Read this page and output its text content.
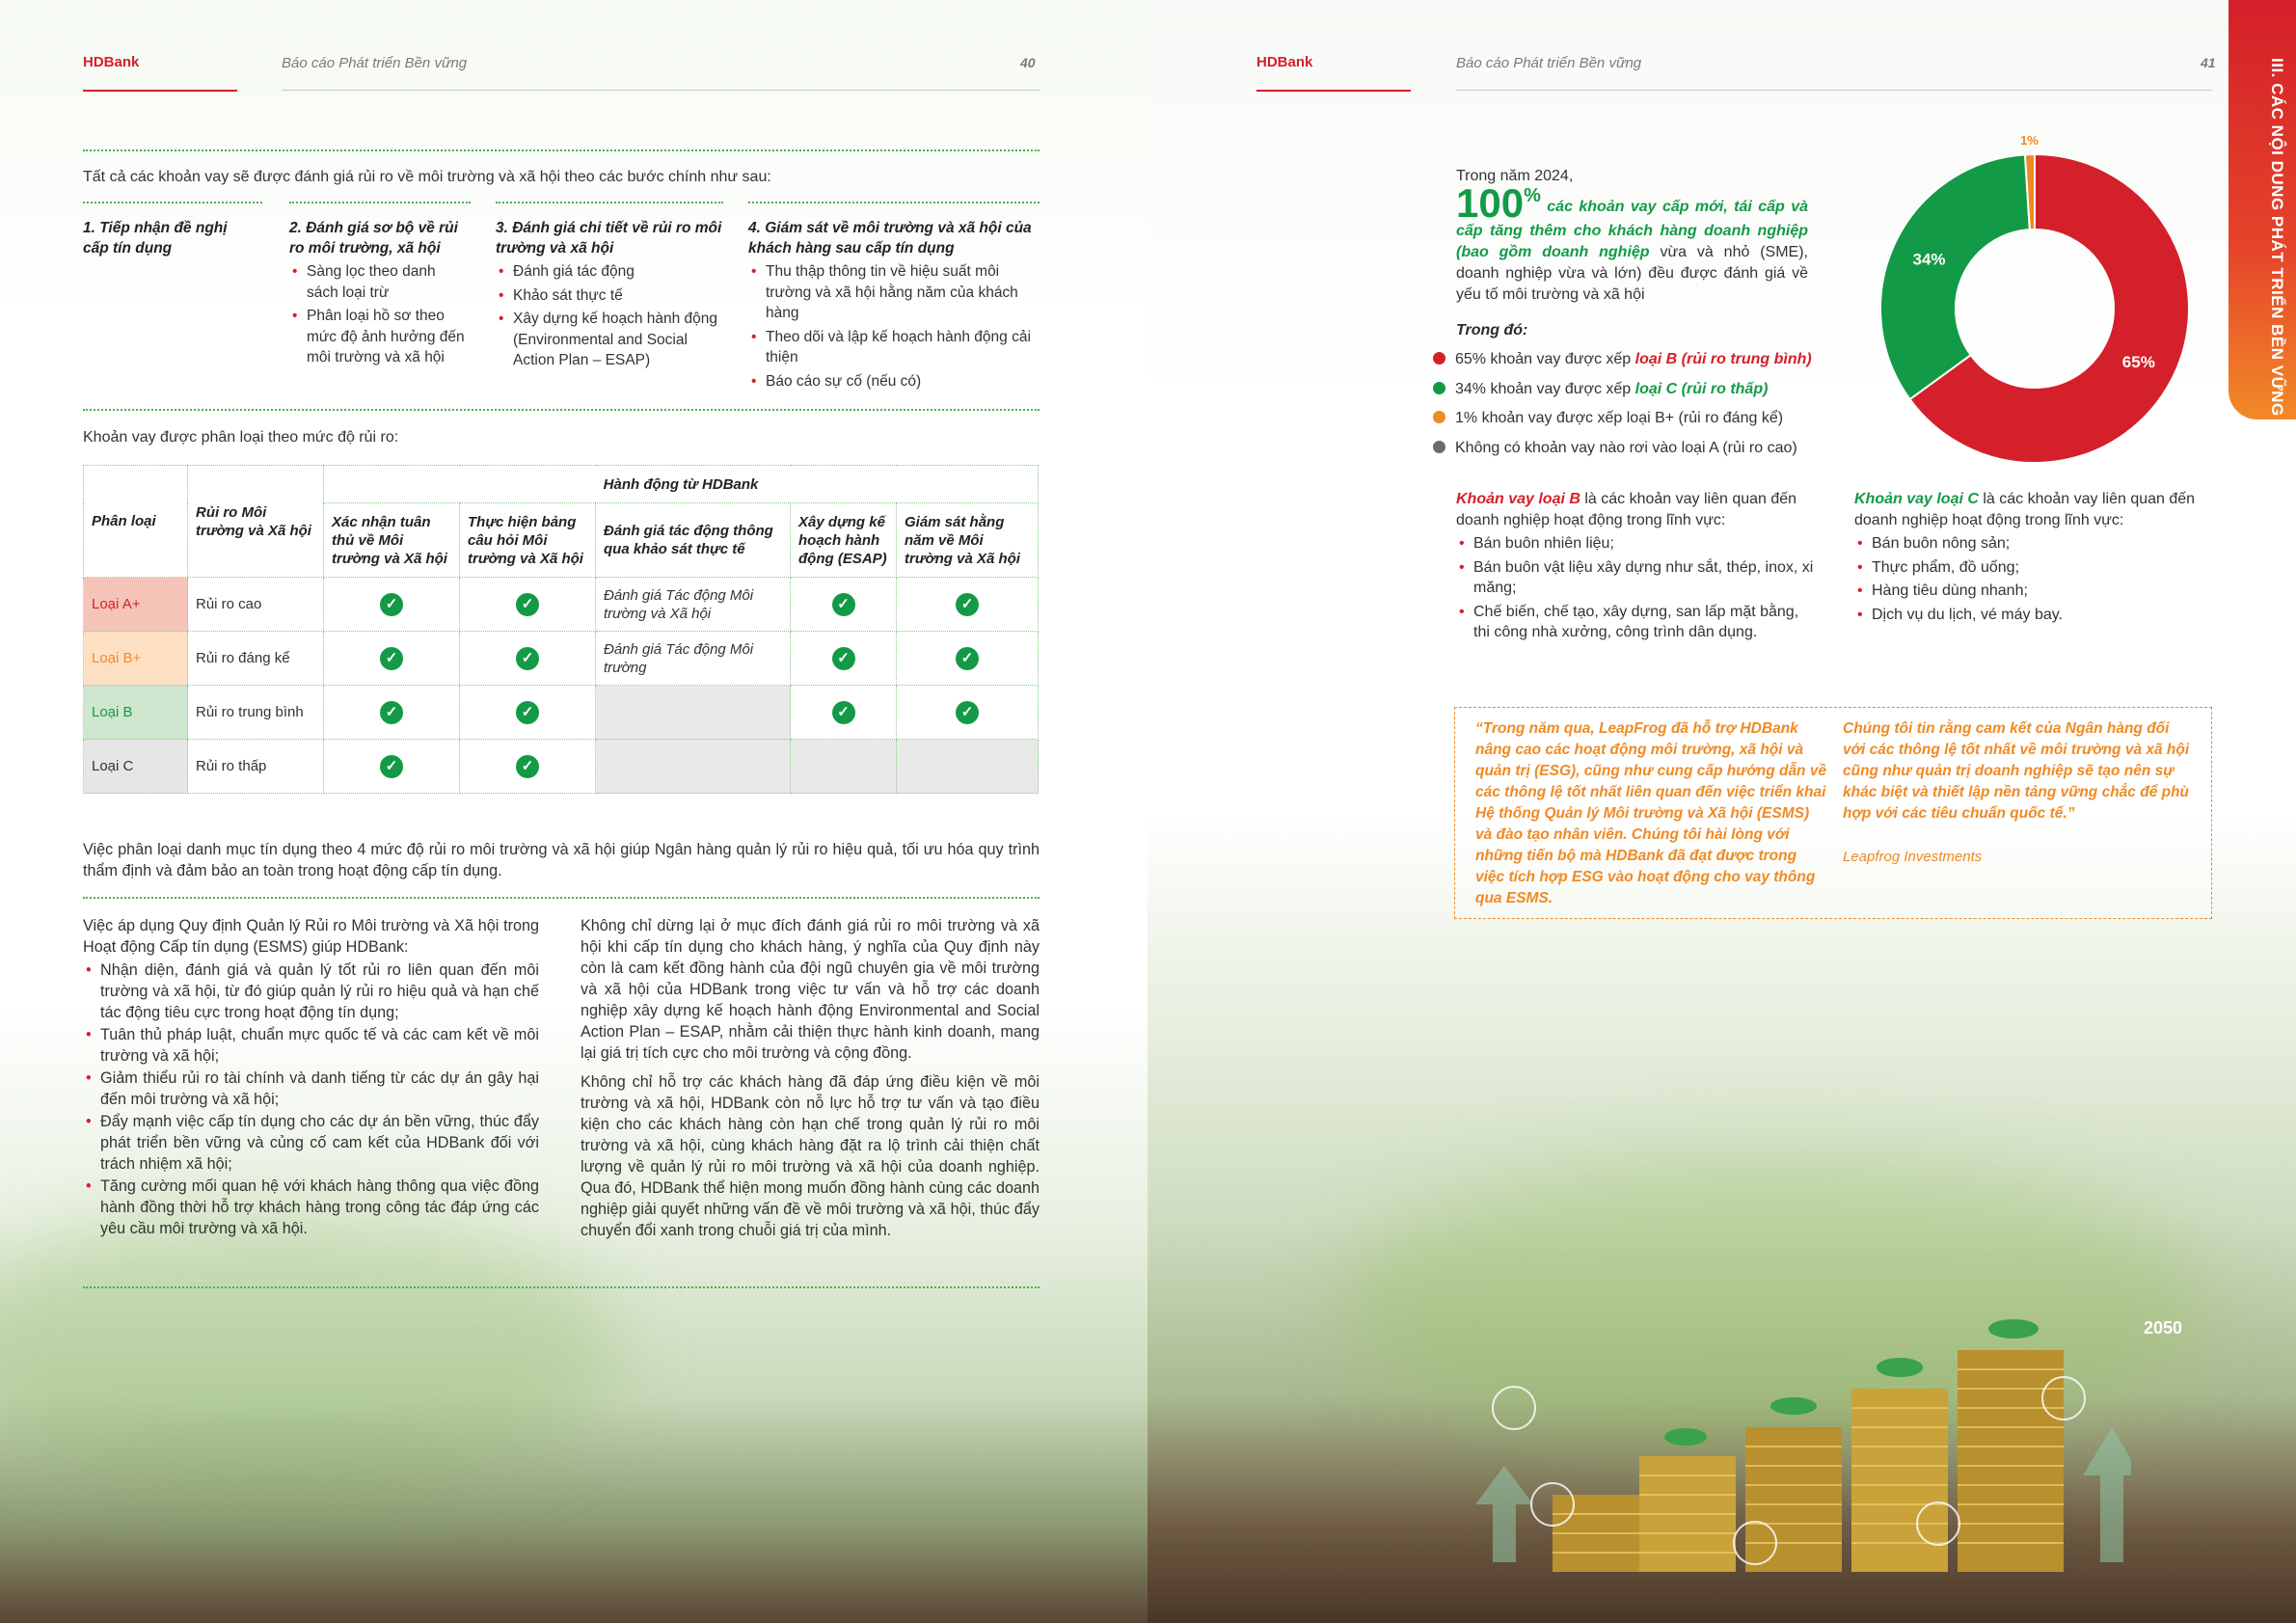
HDBank	Báo cáo Phát triển Bền vững	40
Tất cả các khoản vay sẽ được đánh giá rủi ro về môi trường và xã hội theo các bước chính như sau:
1. Tiếp nhận đề nghị cấp tín dụng
2. Đánh giá sơ bộ về rủi ro môi trường, xã hội
• Sàng lọc theo danh sách loại trừ
• Phân loại hồ sơ theo mức độ ảnh hưởng đến môi trường và xã hội
3. Đánh giá chi tiết về rủi ro môi trường và xã hội
• Đánh giá tác động
• Khảo sát thực tế
• Xây dựng kế hoạch hành động (Environmental and Social Action Plan – ESAP)
4. Giám sát về môi trường và xã hội của khách hàng sau cấp tín dụng
• Thu thập thông tin về hiệu suất môi trường và xã hội hằng năm của khách hàng
• Theo dõi và lập kế hoạch hành động cải thiện
• Báo cáo sự cố (nếu có)
Khoản vay được phân loại theo mức độ rủi ro:
Phân loại	Rủi ro Môi trường và Xã hội	Hành động từ HDBank				
		Xác nhận tuân thủ về Môi trường và Xã hội	Thực hiện bảng câu hỏi Môi trường và Xã hội	Đánh giá tác động thông qua khảo sát thực tế	Xây dựng kế hoạch hành động (ESAP)	Giám sát hằng năm về Môi trường và Xã hội
Loại A+	Rủi ro cao	✓	✓	Đánh giá Tác động Môi trường và Xã hội	✓	✓
Loại B+	Rủi ro đáng kể	✓	✓	Đánh giá Tác động Môi trường	✓	✓
Loại B	Rủi ro trung bình	✓	✓		✓	✓
Loại C	Rủi ro thấp	✓	✓			
Việc phân loại danh mục tín dụng theo 4 mức độ rủi ro môi trường và xã hội giúp Ngân hàng quản lý rủi ro hiệu quả, tối ưu hóa quy trình thẩm định và đảm bảo an toàn trong hoạt động cấp tín dụng.
Việc áp dụng Quy định Quản lý Rủi ro Môi trường và Xã hội trong Hoạt động Cấp tín dụng (ESMS) giúp HDBank:
• Nhận diện, đánh giá và quản lý tốt rủi ro liên quan đến môi trường và xã hội, từ đó giúp quản lý rủi ro hiệu quả và hạn chế tác động tiêu cực trong hoạt động tín dụng;
• Tuân thủ pháp luật, chuẩn mực quốc tế và các cam kết về môi trường và xã hội;
• Giảm thiểu rủi ro tài chính và danh tiếng từ các dự án gây hại đến môi trường và xã hội;
• Đẩy mạnh việc cấp tín dụng cho các dự án bền vững, thúc đẩy phát triển bền vững và củng cố cam kết của HDBank đối với trách nhiệm xã hội;
• Tăng cường mối quan hệ với khách hàng thông qua việc đồng hành đồng thời hỗ trợ khách hàng trong công tác đáp ứng các yêu cầu môi trường và xã hội.
Không chỉ dừng lại ở mục đích đánh giá rủi ro môi trường và xã hội khi cấp tín dụng cho khách hàng, ý nghĩa của Quy định này còn là cam kết đồng hành của đội ngũ chuyên gia về môi trường và xã hội của HDBank trong việc tư vấn và hỗ trợ các doanh nghiệp xây dựng kế hoạch hành động Environmental and Social Action Plan – ESAP, nhằm cải thiện thực hành kinh doanh, mang lại giá trị tích cực cho môi trường và cộng đồng.
Không chỉ hỗ trợ các khách hàng đã đáp ứng điều kiện về môi trường và xã hội, HDBank còn nỗ lực hỗ trợ tư vấn và tạo điều kiện cho các khách hàng còn hạn chế trong quản lý rủi ro môi trường và xã hội, cùng khách hàng đặt ra lộ trình cải thiện chất lượng về quản lý rủi ro môi trường và xã hội của doanh nghiệp. Qua đó, HDBank thể hiện mong muốn đồng hành cùng các doanh nghiệp giải quyết những vấn đề về môi trường và xã hội, thúc đẩy chuyển đổi xanh trong chuỗi giá trị của mình.
HDBank	Báo cáo Phát triển Bền vững	41	III. CÁC NỘI DUNG PHÁT TRIỂN BỀN VỮNG
Trong năm 2024,
100% các khoản vay cấp mới, tái cấp và cấp tăng thêm cho khách hàng doanh nghiệp (bao gồm doanh nghiệp vừa và nhỏ (SME), doanh nghiệp vừa và lớn) đều được đánh giá về yếu tố môi trường và xã hội
Trong đó:
65% khoản vay được xếp loại B (rủi ro trung bình)
34% khoản vay được xếp loại C (rủi ro thấp)
1% khoản vay được xếp loại B+ (rủi ro đáng kể)
Không có khoản vay nào rơi vào loại A (rủi ro cao)
65%
34%
1%
Khoản vay loại B là các khoản vay liên quan đến doanh nghiệp hoạt động trong lĩnh vực:
• Bán buôn nhiên liệu;
• Bán buôn vật liệu xây dựng như sắt, thép, inox, xi măng;
• Chế biến, chế tạo, xây dựng, san lấp mặt bằng, thi công nhà xưởng, công trình dân dụng.
Khoản vay loại C là các khoản vay liên quan đến doanh nghiệp hoạt động trong lĩnh vực:
• Bán buôn nông sản;
• Thực phẩm, đồ uống;
• Hàng tiêu dùng nhanh;
• Dịch vụ du lịch, vé máy bay.
“Trong năm qua, LeapFrog đã hỗ trợ HDBank nâng cao các hoạt động môi trường, xã hội và quản trị (ESG), cũng như cung cấp hướng dẫn về các thông lệ tốt nhất liên quan đến việc triển khai Hệ thống Quản lý Môi trường và Xã hội (ESMS) và đào tạo nhân viên. Chúng tôi hài lòng với những tiến bộ mà HDBank đã đạt được trong việc tích hợp ESG vào hoạt động cho vay thông qua ESMS.
Chúng tôi tin rằng cam kết của Ngân hàng đối với các thông lệ tốt nhất về môi trường và xã hội cũng như quản trị doanh nghiệp sẽ tạo nên sự khác biệt và thiết lập nền tảng vững chắc để phù hợp với các tiêu chuẩn quốc tế.”
Leapfrog Investments
2050
